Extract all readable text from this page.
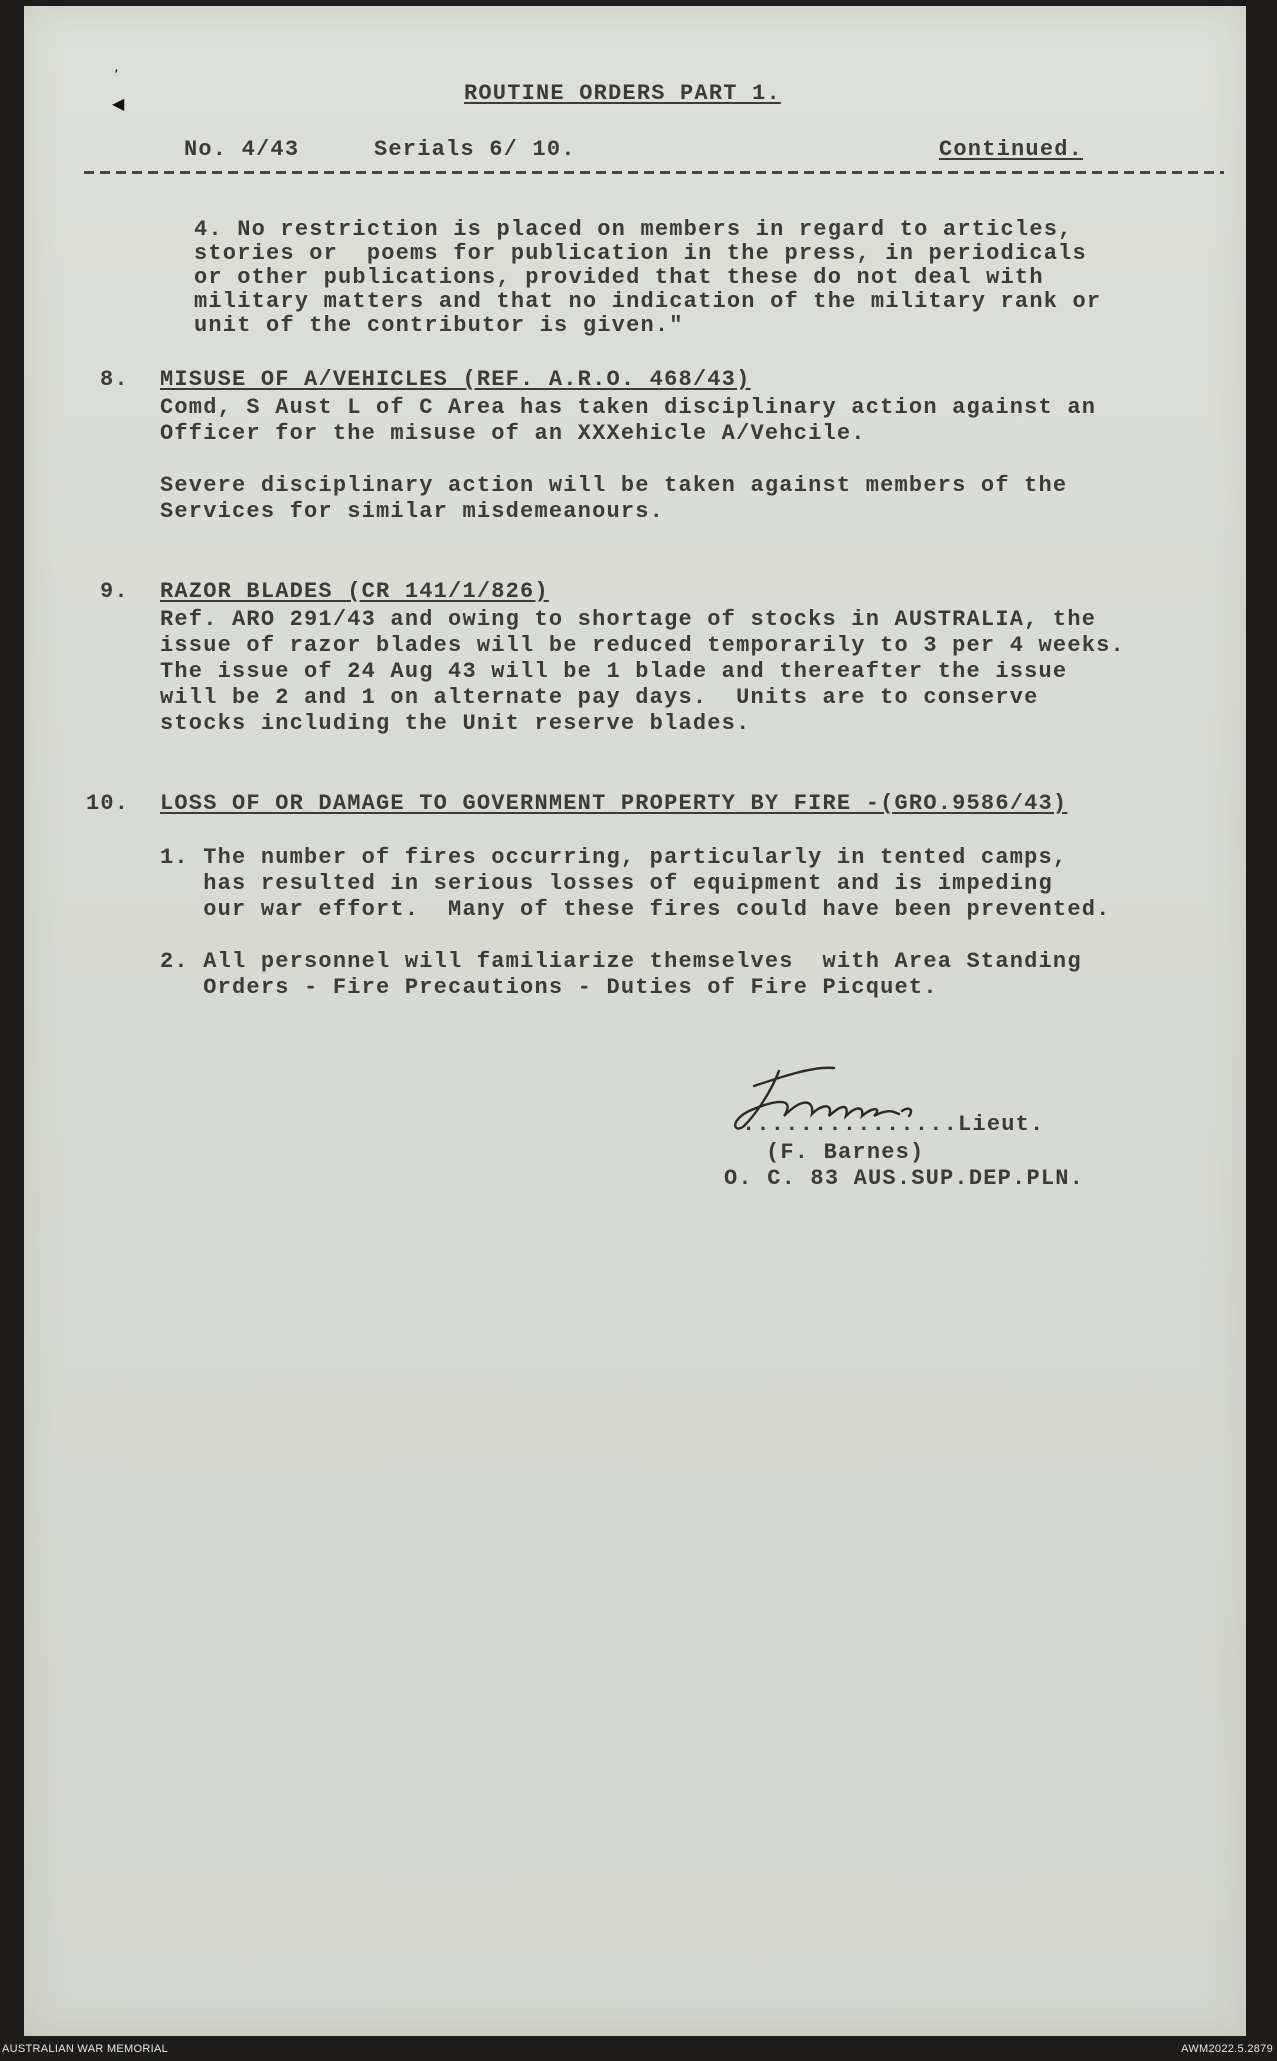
◀
’
ROUTINE ORDERS PART 1.
No. 4/43	Serials 6/ 10.	Continued.
4. No restriction is placed on members in regard to articles,
stories or  poems for publication in the press, in periodicals
or other publications, provided that these do not deal with
military matters and that no indication of the military rank or
unit of the contributor is given."
8. MISUSE OF A/VEHICLES (REF. A.R.O. 468/43)
Comd, S Aust L of C Area has taken disciplinary action against an
Officer for the misuse of an XXXehicle A/Vehcile.
Severe disciplinary action will be taken against members of the
Services for similar misdemeanours.
9. RAZOR BLADES (CR 141/1/826)
Ref. ARO 291/43 and owing to shortage of stocks in AUSTRALIA, the
issue of razor blades will be reduced temporarily to 3 per 4 weeks.
The issue of 24 Aug 43 will be 1 blade and thereafter the issue
will be 2 and 1 on alternate pay days.  Units are to conserve
stocks including the Unit reserve blades.
10. LOSS OF OR DAMAGE TO GOVERNMENT PROPERTY BY FIRE -(GRO.9586/43)
1. The number of fires occurring, particularly in tented camps,
has resulted in serious losses of equipment and is impeding
our war effort.  Many of these fires could have been prevented.
2. All personnel will familiarize themselves  with Area Standing
Orders - Fire Precautions - Duties of Fire Picquet.
...............Lieut.
(F. Barnes)
O. C. 83 AUS.SUP.DEP.PLN.
AUSTRALIAN WAR MEMORIAL	AWM2022.5.2879
